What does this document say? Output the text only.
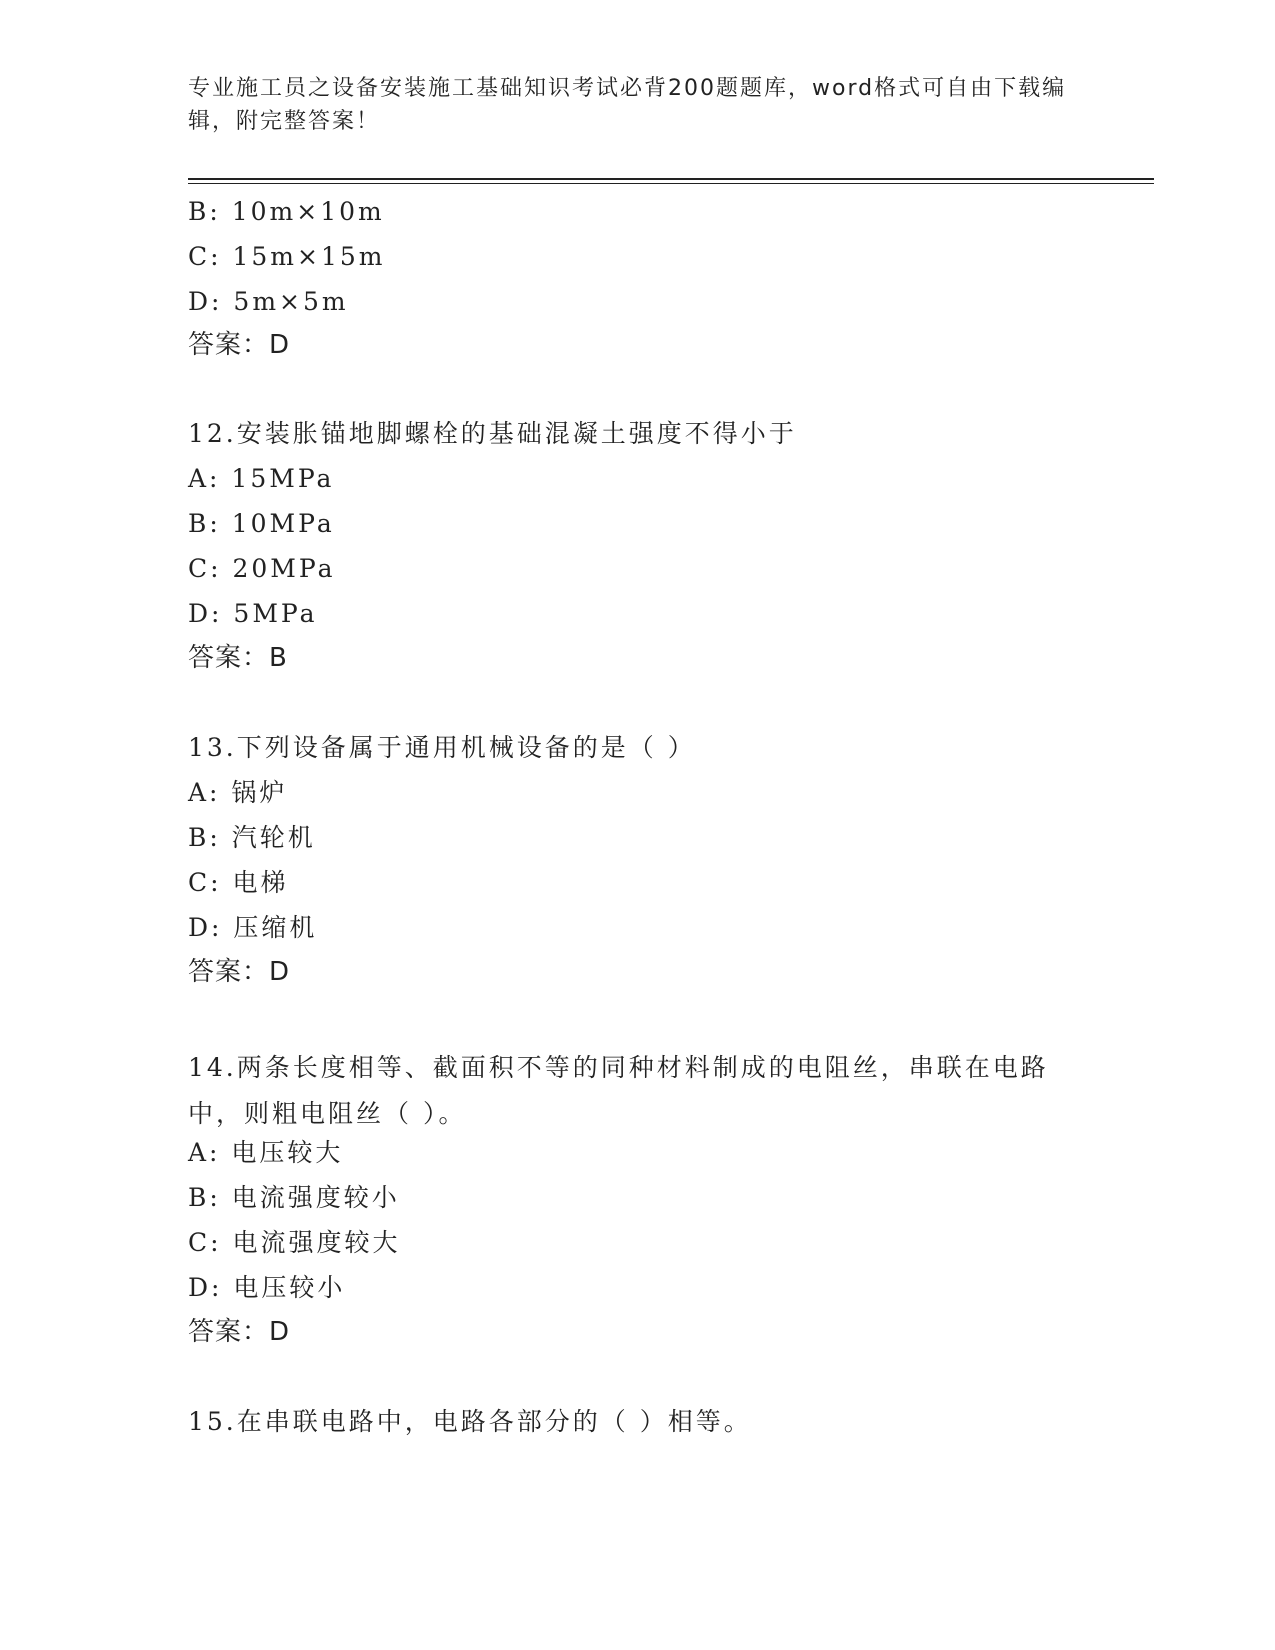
专业施工员之设备安装施工基础知识考试必背200题题库，word格式可自由下载编辑，附完整答案！
B: 10m×10m
C: 15m×15m
D: 5m×5m
答案：D
12.安装胀锚地脚螺栓的基础混凝土强度不得小于
A: 15MPa
B: 10MPa
C: 20MPa
D: 5MPa
答案：B
13.下列设备属于通用机械设备的是（ ）
A: 锅炉
B: 汽轮机
C: 电梯
D: 压缩机
答案：D
14.两条长度相等、截面积不等的同种材料制成的电阻丝，串联在电路中，则粗电阻丝（ ）。
A: 电压较大
B: 电流强度较小
C: 电流强度较大
D: 电压较小
答案：D
15.在串联电路中，电路各部分的（ ）相等。
